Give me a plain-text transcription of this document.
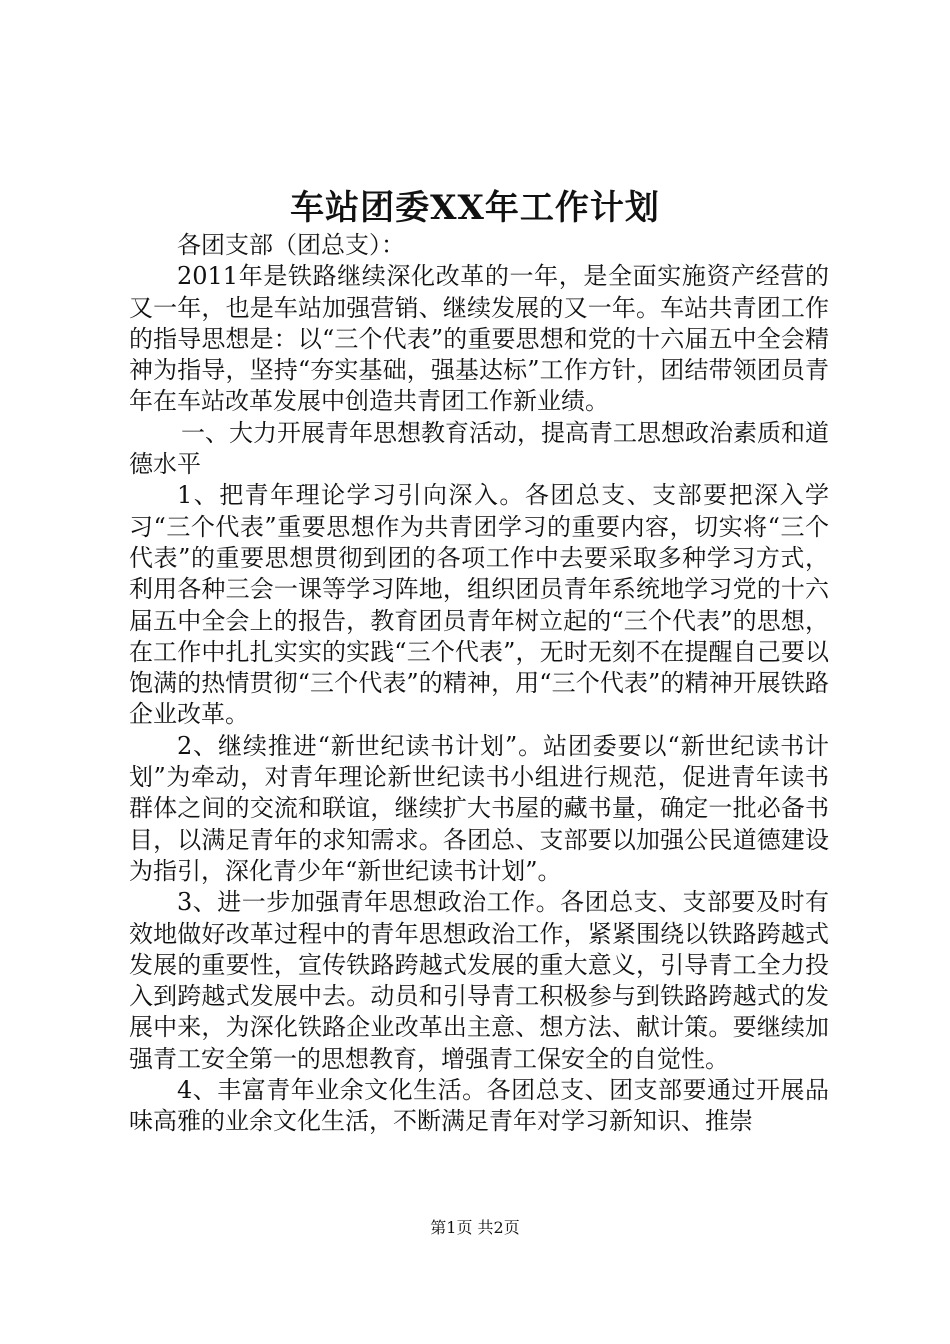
车站团委XX年工作计划

各团支部（团总支）：

2011年是铁路继续深化改革的一年，是全面实施资产经营的又一年，也是车站加强营销、继续发展的又一年。车站共青团工作的指导思想是：以“三个代表”的重要思想和党的十六届五中全会精神为指导，坚持“夯实基础，强基达标”工作方针，团结带领团员青年在车站改革发展中创造共青团工作新业绩。

一、大力开展青年思想教育活动，提高青工思想政治素质和道德水平

1、把青年理论学习引向深入。各团总支、支部要把深入学习“三个代表”重要思想作为共青团学习的重要内容，切实将“三个代表”的重要思想贯彻到团的各项工作中去要采取多种学习方式，利用各种三会一课等学习阵地，组织团员青年系统地学习党的十六届五中全会上的报告，教育团员青年树立起的“三个代表”的思想，在工作中扎扎实实的实践“三个代表”，无时无刻不在提醒自己要以饱满的热情贯彻“三个代表”的精神，用“三个代表”的精神开展铁路企业改革。

2、继续推进“新世纪读书计划”。站团委要以“新世纪读书计划”为牵动，对青年理论新世纪读书小组进行规范，促进青年读书群体之间的交流和联谊，继续扩大书屋的藏书量，确定一批必备书目，以满足青年的求知需求。各团总、支部要以加强公民道德建设为指引，深化青少年“新世纪读书计划”。

3、进一步加强青年思想政治工作。各团总支、支部要及时有效地做好改革过程中的青年思想政治工作，紧紧围绕以铁路跨越式发展的重要性，宣传铁路跨越式发展的重大意义，引导青工全力投入到跨越式发展中去。动员和引导青工积极参与到铁路跨越式的发展中来，为深化铁路企业改革出主意、想方法、献计策。要继续加强青工安全第一的思想教育，增强青工保安全的自觉性。

4、丰富青年业余文化生活。各团总支、团支部要通过开展品味高雅的业余文化生活，不断满足青年对学习新知识、推崇

第1页 共2页
